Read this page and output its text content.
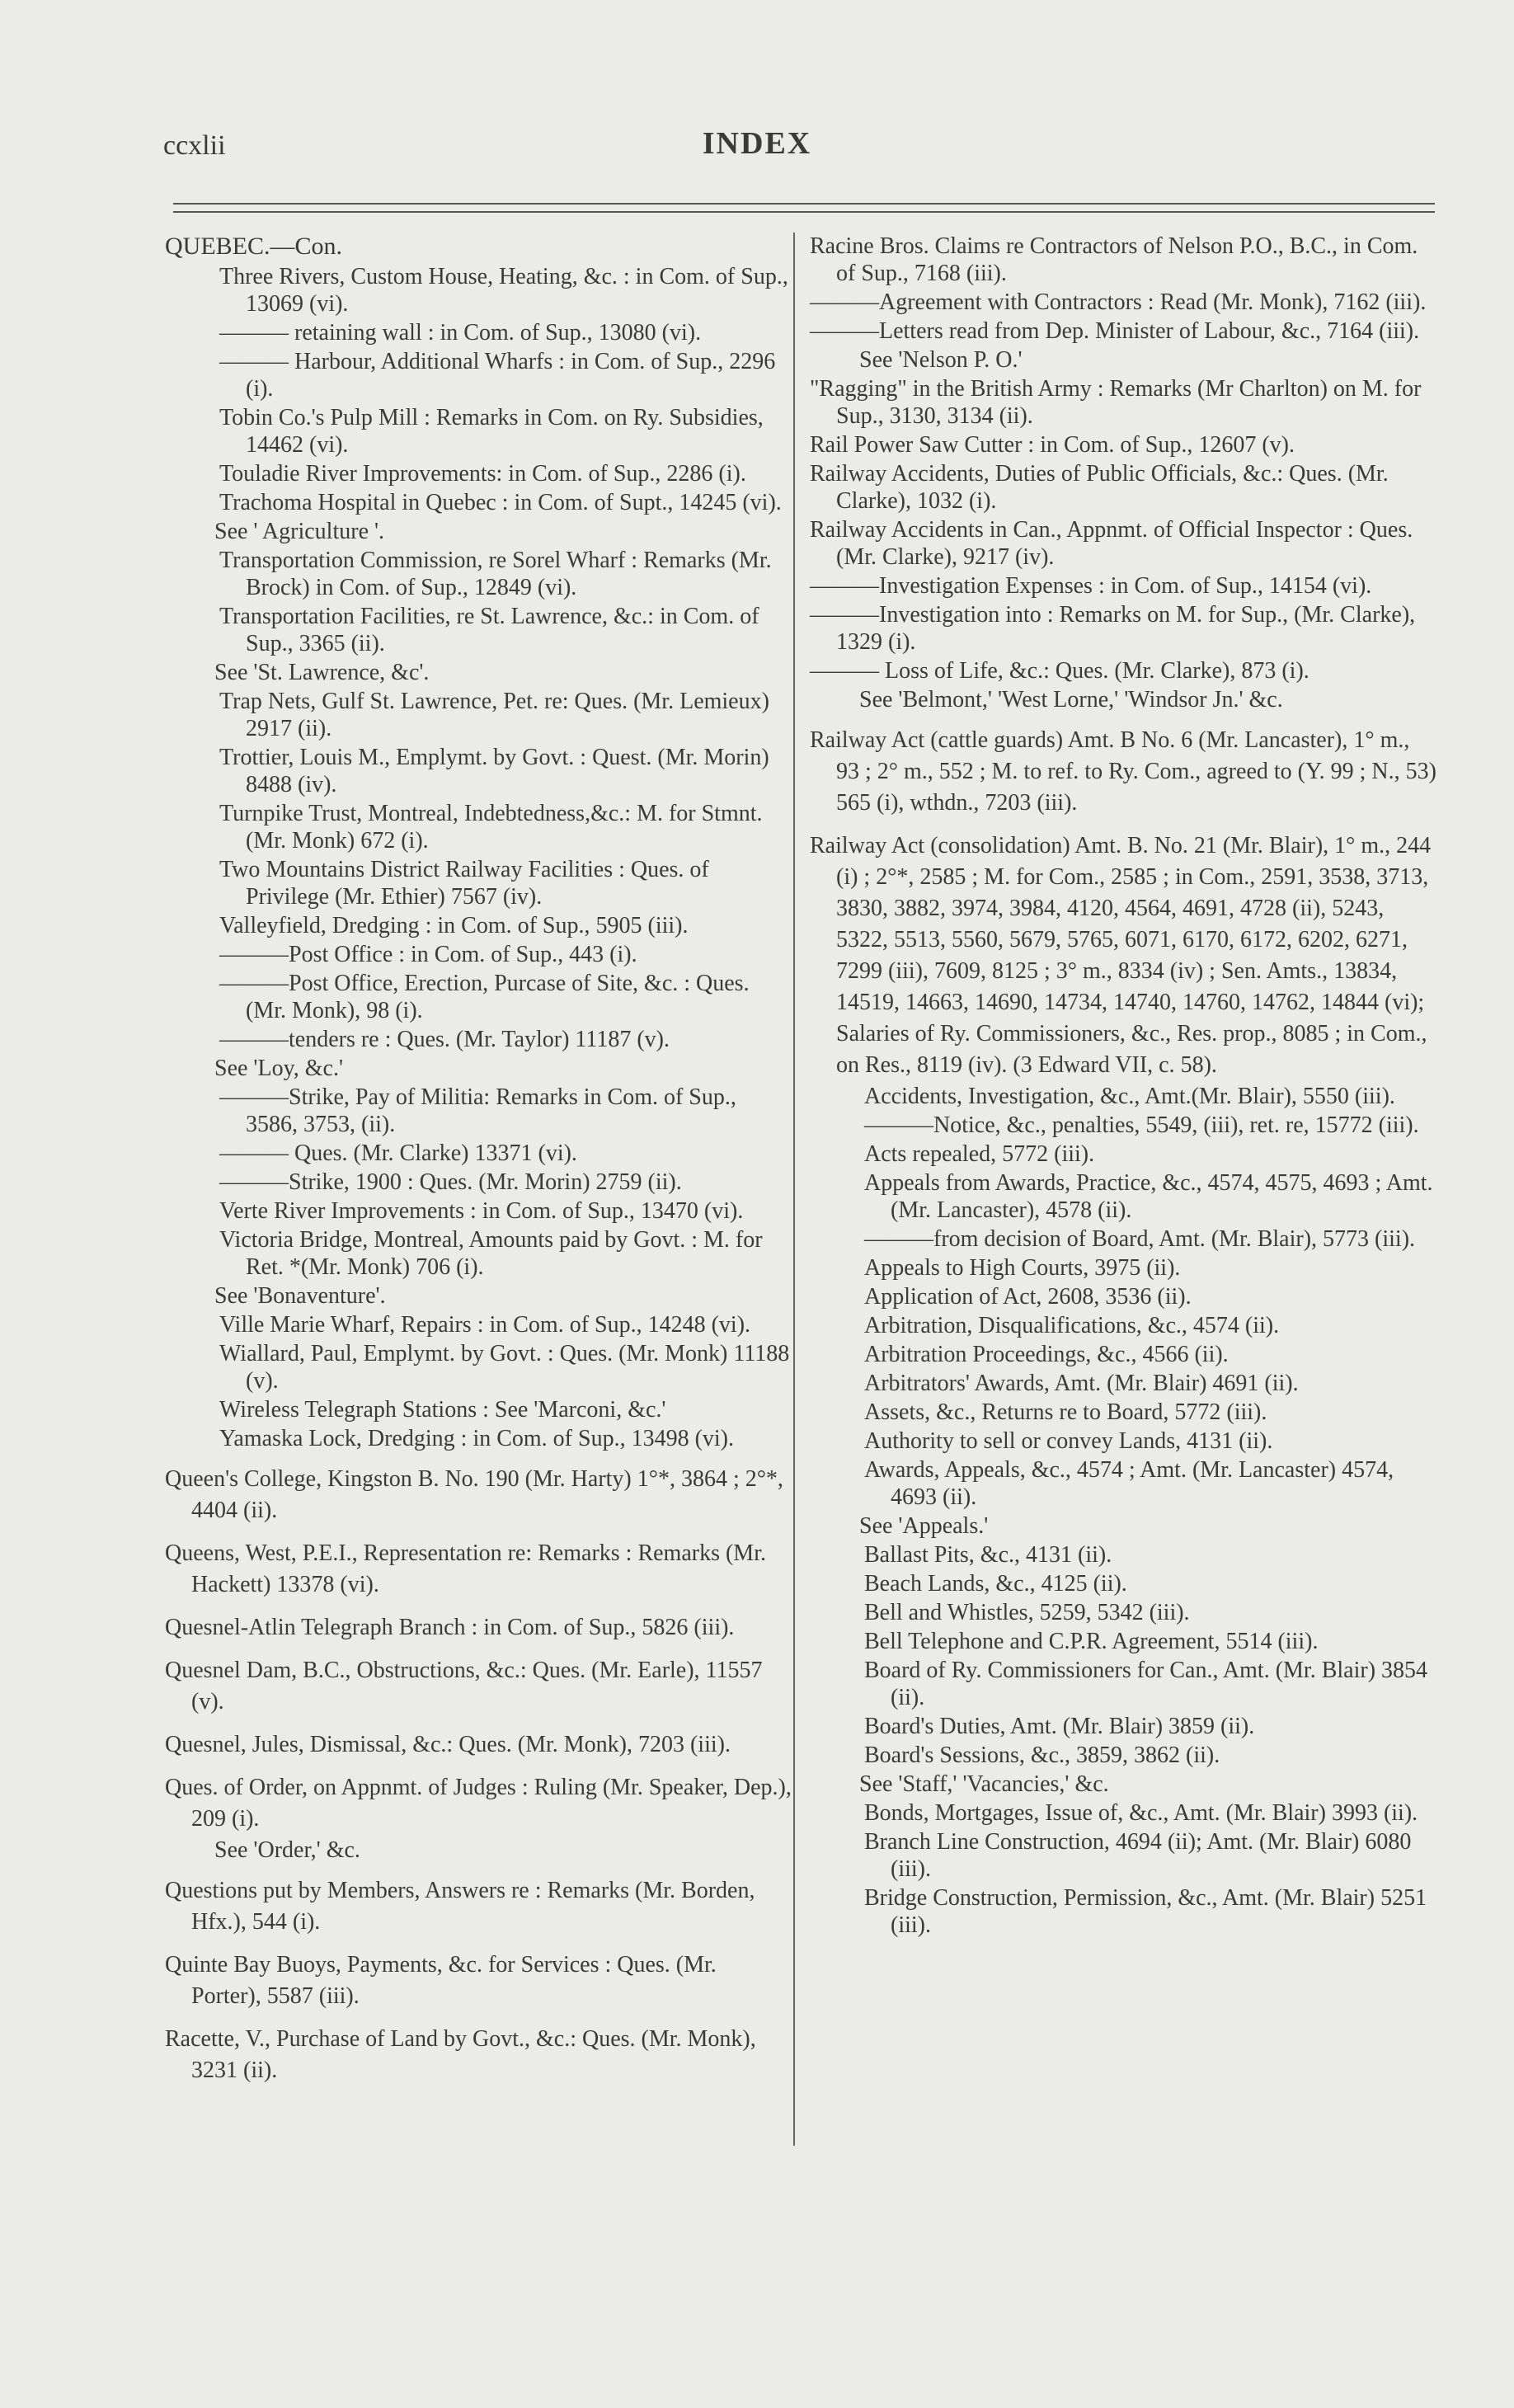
ccxlii	INDEX
QUEBEC.—Con.
Three Rivers, Custom House, Heating, &c. : in Com. of Sup., 13069 (vi).
——— retaining wall : in Com. of Sup., 13080 (vi).
——— Harbour, Additional Wharfs : in Com. of Sup., 2296 (i).
Tobin Co.'s Pulp Mill : Remarks in Com. on Ry. Subsidies, 14462 (vi).
Touladie River Improvements: in Com. of Sup., 2286 (i).
Trachoma Hospital in Quebec : in Com. of Supt., 14245 (vi).
See ' Agriculture '.
Transportation Commission, re Sorel Wharf : Remarks (Mr. Brock) in Com. of Sup., 12849 (vi).
Transportation Facilities, re St. Lawrence, &c.: in Com. of Sup., 3365 (ii).
See 'St. Lawrence, &c'.
Trap Nets, Gulf St. Lawrence, Pet. re: Ques. (Mr. Lemieux) 2917 (ii).
Trottier, Louis M., Emplymt. by Govt. : Quest. (Mr. Morin) 8488 (iv).
Turnpike Trust, Montreal, Indebtedness,&c.: M. for Stmnt. (Mr. Monk) 672 (i).
Two Mountains District Railway Facilities : Ques. of Privilege (Mr. Ethier) 7567 (iv).
Valleyfield, Dredging : in Com. of Sup., 5905 (iii).
———Post Office : in Com. of Sup., 443 (i).
———Post Office, Erection, Purcase of Site, &c. : Ques. (Mr. Monk), 98 (i).
———tenders re : Ques. (Mr. Taylor) 11187 (v).
See 'Loy, &c.'
———Strike, Pay of Militia: Remarks in Com. of Sup., 3586, 3753, (ii).
——— Ques. (Mr. Clarke) 13371 (vi).
———Strike, 1900 : Ques. (Mr. Morin) 2759 (ii).
Verte River Improvements : in Com. of Sup., 13470 (vi).
Victoria Bridge, Montreal, Amounts paid by Govt. : M. for Ret. *(Mr. Monk) 706 (i).
See 'Bonaventure'.
Ville Marie Wharf, Repairs : in Com. of Sup., 14248 (vi).
Wiallard, Paul, Emplymt. by Govt. : Ques. (Mr. Monk) 11188 (v).
Wireless Telegraph Stations : See 'Marconi, &c.'
Yamaska Lock, Dredging : in Com. of Sup., 13498 (vi).
Queen's College, Kingston B. No. 190 (Mr. Harty) 1°*, 3864 ; 2°*, 4404 (ii).
Queens, West, P.E.I., Representation re: Remarks : Remarks (Mr. Hackett) 13378 (vi).
Quesnel-Atlin Telegraph Branch : in Com. of Sup., 5826 (iii).
Quesnel Dam, B.C., Obstructions, &c.: Ques. (Mr. Earle), 11557 (v).
Quesnel, Jules, Dismissal, &c.: Ques. (Mr. Monk), 7203 (iii).
Ques. of Order, on Appnmt. of Judges : Ruling (Mr. Speaker, Dep.), 209 (i).
See 'Order,' &c.
Questions put by Members, Answers re : Remarks (Mr. Borden, Hfx.), 544 (i).
Quinte Bay Buoys, Payments, &c. for Services : Ques. (Mr. Porter), 5587 (iii).
Racette, V., Purchase of Land by Govt., &c.: Ques. (Mr. Monk), 3231 (ii).
Racine Bros. Claims re Contractors of Nelson P.O., B.C., in Com. of Sup., 7168 (iii).
———Agreement with Contractors : Read (Mr. Monk), 7162 (iii).
———Letters read from Dep. Minister of Labour, &c., 7164 (iii).
See 'Nelson P. O.'
"Ragging" in the British Army : Remarks (Mr Charlton) on M. for Sup., 3130, 3134 (ii).
Rail Power Saw Cutter : in Com. of Sup., 12607 (v).
Railway Accidents, Duties of Public Officials, &c.: Ques. (Mr. Clarke), 1032 (i).
Railway Accidents in Can., Appnmt. of Official Inspector : Ques. (Mr. Clarke), 9217 (iv).
———Investigation Expenses : in Com. of Sup., 14154 (vi).
———Investigation into : Remarks on M. for Sup., (Mr. Clarke), 1329 (i).
——— Loss of Life, &c.: Ques. (Mr. Clarke), 873 (i).
See 'Belmont,' 'West Lorne,' 'Windsor Jn.' &c.
Railway Act (cattle guards) Amt. B No. 6 (Mr. Lancaster), 1° m., 93 ; 2° m., 552 ; M. to ref. to Ry. Com., agreed to (Y. 99 ; N., 53) 565 (i), wthdn., 7203 (iii).
Railway Act (consolidation) Amt. B. No. 21 (Mr. Blair), 1° m., 244 (i) ; 2°*, 2585 ; M. for Com., 2585 ; in Com., 2591, 3538, 3713, 3830, 3882, 3974, 3984, 4120, 4564, 4691, 4728 (ii), 5243, 5322, 5513, 5560, 5679, 5765, 6071, 6170, 6172, 6202, 6271, 7299 (iii), 7609, 8125 ; 3° m., 8334 (iv) ; Sen. Amts., 13834, 14519, 14663, 14690, 14734, 14740, 14760, 14762, 14844 (vi); Salaries of Ry. Commissioners, &c., Res. prop., 8085 ; in Com., on Res., 8119 (iv). (3 Edward VII, c. 58).
Accidents, Investigation, &c., Amt.(Mr. Blair), 5550 (iii).
———Notice, &c., penalties, 5549, (iii), ret. re, 15772 (iii).
Acts repealed, 5772 (iii).
Appeals from Awards, Practice, &c., 4574, 4575, 4693 ; Amt. (Mr. Lancaster), 4578 (ii).
———from decision of Board, Amt. (Mr. Blair), 5773 (iii).
Appeals to High Courts, 3975 (ii).
Application of Act, 2608, 3536 (ii).
Arbitration, Disqualifications, &c., 4574 (ii).
Arbitration Proceedings, &c., 4566 (ii).
Arbitrators' Awards, Amt. (Mr. Blair) 4691 (ii).
Assets, &c., Returns re to Board, 5772 (iii).
Authority to sell or convey Lands, 4131 (ii).
Awards, Appeals, &c., 4574 ; Amt. (Mr. Lancaster) 4574, 4693 (ii).
See 'Appeals.'
Ballast Pits, &c., 4131 (ii).
Beach Lands, &c., 4125 (ii).
Bell and Whistles, 5259, 5342 (iii).
Bell Telephone and C.P.R. Agreement, 5514 (iii).
Board of Ry. Commissioners for Can., Amt. (Mr. Blair) 3854 (ii).
Board's Duties, Amt. (Mr. Blair) 3859 (ii).
Board's Sessions, &c., 3859, 3862 (ii).
See 'Staff,' 'Vacancies,' &c.
Bonds, Mortgages, Issue of, &c., Amt. (Mr. Blair) 3993 (ii).
Branch Line Construction, 4694 (ii); Amt. (Mr. Blair) 6080 (iii).
Bridge Construction, Permission, &c., Amt. (Mr. Blair) 5251 (iii).
